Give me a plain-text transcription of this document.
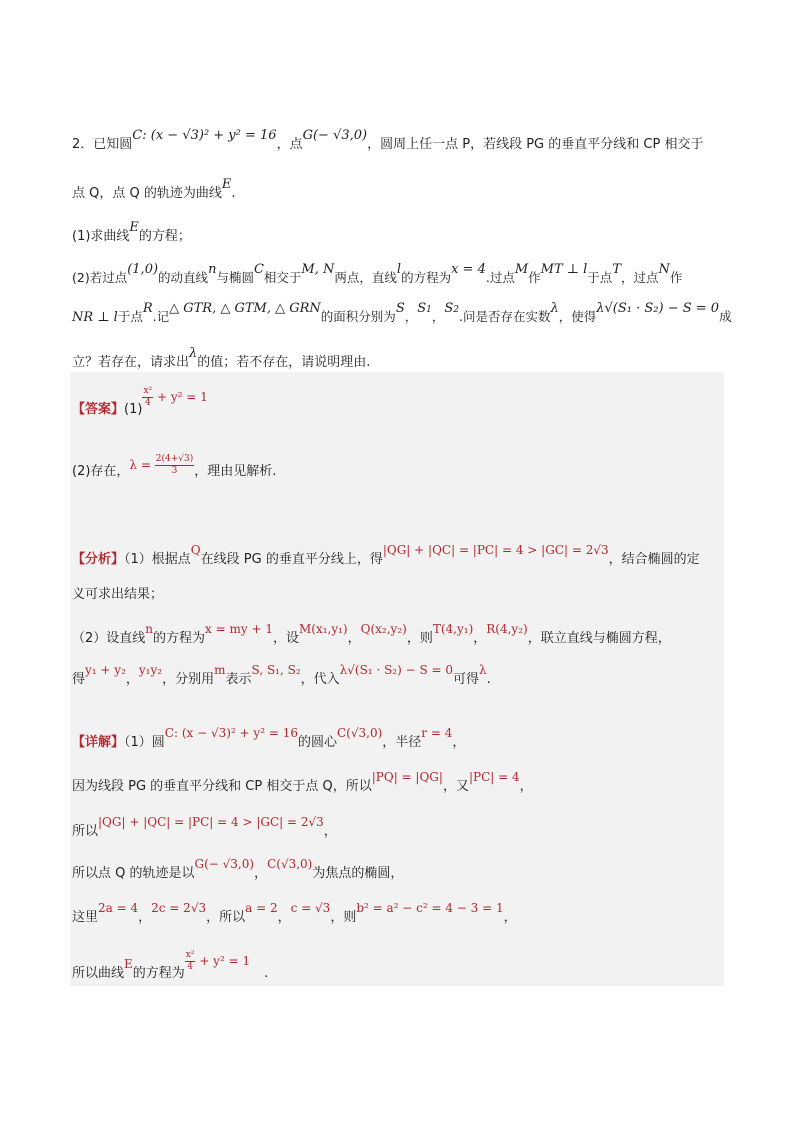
2．已知圆C: (x − √3)² + y² = 16，点G(− √3,0)，圆周上任一点 P，若线段 PG 的垂直平分线和 CP 相交于
点 Q，点 Q 的轨迹为曲线E.
(1)求曲线E的方程；
(2)若过点(1,0)的动直线n与椭圆C相交于M, N两点，直线l的方程为x = 4.过点M作MT ⊥ l于点T，过点N作
NR ⊥ l于点R.记△ GTR, △ GTM, △ GRN的面积分别为S，$S^1$，$S^2$.问是否存在实数λ，使得λ√(S₁ · S₂) − S = 0成
立？若存在，请求出λ的值；若不存在，请说明理由.
【答案】(1)
$\frac{\text{x²}}{4} + y^2 = 1$
(2)存在，$\lambda = \frac{2(4+√3)}{3}$ ，理由见解析.
【分析】（1）根据点Q在线段 PG 的垂直平分线上，得|QG| + |QC| = |PC| = 4 > |GC| = 2√3，结合椭圆的定
义可求出结果；
（2）设直线n的方程为x = my + 1，设M(x₁,y₁)，Q(x₂,y₂)，则T(4,y₁)，R(4,y₂)，联立直线与椭圆方程，
得y₁ + y₂，y₁y₂，分别用m表示S, S₁, S₂，代入λ√(S₁ · S₂) − S = 0可得λ.
【详解】（1）圆C: (x − √3)² + y² = 16的圆心C(√3,0)，半径r = 4，
因为线段 PG 的垂直平分线和 CP 相交于点 Q，所以|PQ| = |QG|，又|PC| = 4，
所以|QG| + |QC| = |PC| = 4 > |GC| = 2√3，
所以点 Q 的轨迹是以G(− √3,0)，C(√3,0)为焦点的椭圆，
这里2a = 4，2c = 2√3，所以a = 2，c = √3，则b² = a² − c² = 4 − 3 = 1，
所以曲线E的方程为
$\frac{\text{x²}}{4} + y^2 = 1$.
